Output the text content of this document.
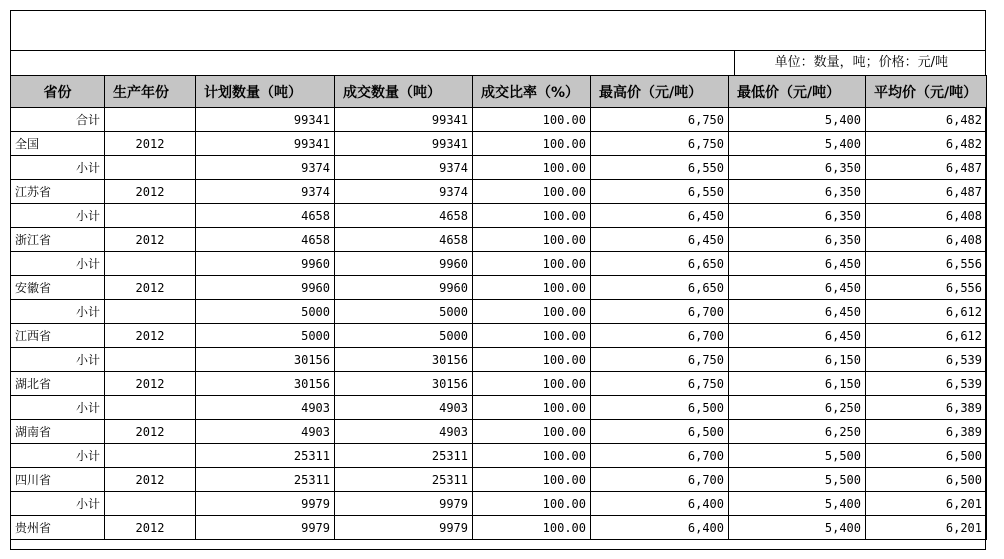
单位：数量，吨；价格：元/吨
省份	生产年份	计划数量（吨）	成交数量（吨）	成交比率（%）	最高价（元/吨）	最低价（元/吨）	平均价（元/吨）
合计		99341	99341	100.00	6,750	5,400	6,482
全国	2012	99341	99341	100.00	6,750	5,400	6,482
小计		9374	9374	100.00	6,550	6,350	6,487
江苏省	2012	9374	9374	100.00	6,550	6,350	6,487
小计		4658	4658	100.00	6,450	6,350	6,408
浙江省	2012	4658	4658	100.00	6,450	6,350	6,408
小计		9960	9960	100.00	6,650	6,450	6,556
安徽省	2012	9960	9960	100.00	6,650	6,450	6,556
小计		5000	5000	100.00	6,700	6,450	6,612
江西省	2012	5000	5000	100.00	6,700	6,450	6,612
小计		30156	30156	100.00	6,750	6,150	6,539
湖北省	2012	30156	30156	100.00	6,750	6,150	6,539
小计		4903	4903	100.00	6,500	6,250	6,389
湖南省	2012	4903	4903	100.00	6,500	6,250	6,389
小计		25311	25311	100.00	6,700	5,500	6,500
四川省	2012	25311	25311	100.00	6,700	5,500	6,500
小计		9979	9979	100.00	6,400	5,400	6,201
贵州省	2012	9979	9979	100.00	6,400	5,400	6,201
